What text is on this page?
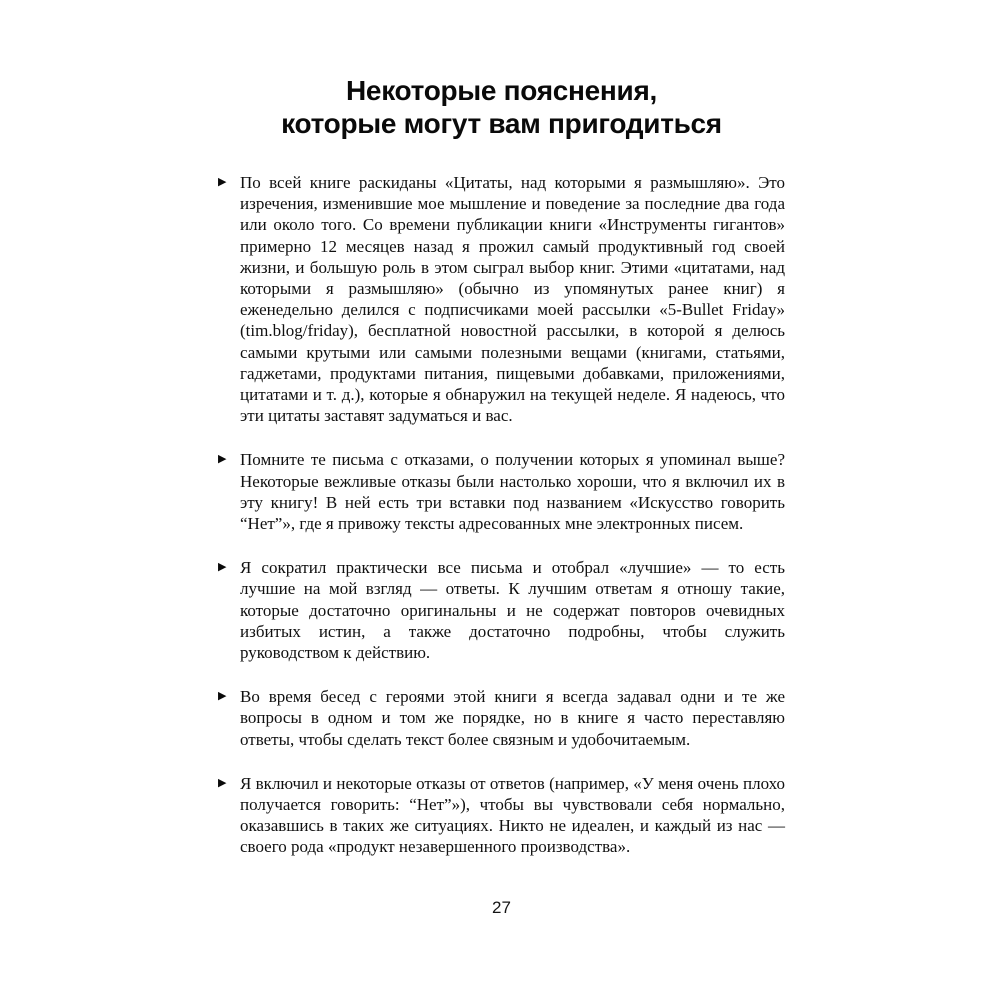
Некоторые пояснения,
которые могут вам пригодиться
▶ По всей книге раскиданы «Цитаты, над которыми я размышляю». Это изречения, изменившие мое мышление и поведение за последние два года или около того. Со времени публикации книги «Инструменты гигантов» примерно 12 месяцев назад я прожил самый продуктивный год своей жизни, и большую роль в этом сыграл выбор книг. Этими «цитатами, над которыми я размышляю» (обычно из упомянутых ранее книг) я еженедельно делился с подписчиками моей рассылки «5-Bullet Friday» (tim.blog/friday), бесплатной новостной рассылки, в которой я делюсь самыми крутыми или самыми полезными вещами (книгами, статьями, гаджетами, продуктами питания, пищевыми добавками, приложениями, цитатами и т. д.), которые я обнаружил на текущей неделе. Я надеюсь, что эти цитаты заставят задуматься и вас.
▶ Помните те письма с отказами, о получении которых я упоминал выше? Некоторые вежливые отказы были настолько хороши, что я включил их в эту книгу! В ней есть три вставки под названием «Искусство говорить “Нет”», где я привожу тексты адресованных мне электронных писем.
▶ Я сократил практически все письма и отобрал «лучшие» — то есть лучшие на мой взгляд — ответы. К лучшим ответам я отношу такие, которые достаточно оригинальны и не содержат повторов очевидных избитых истин, а также достаточно подробны, чтобы служить руководством к действию.
▶ Во время бесед с героями этой книги я всегда задавал одни и те же вопросы в одном и том же порядке, но в книге я часто переставляю ответы, чтобы сделать текст более связным и удобочитаемым.
▶ Я включил и некоторые отказы от ответов (например, «У меня очень плохо получается говорить: “Нет”»), чтобы вы чувствовали себя нормально, оказавшись в таких же ситуациях. Никто не идеален, и каждый из нас — своего рода «продукт незавершенного производства».
27
